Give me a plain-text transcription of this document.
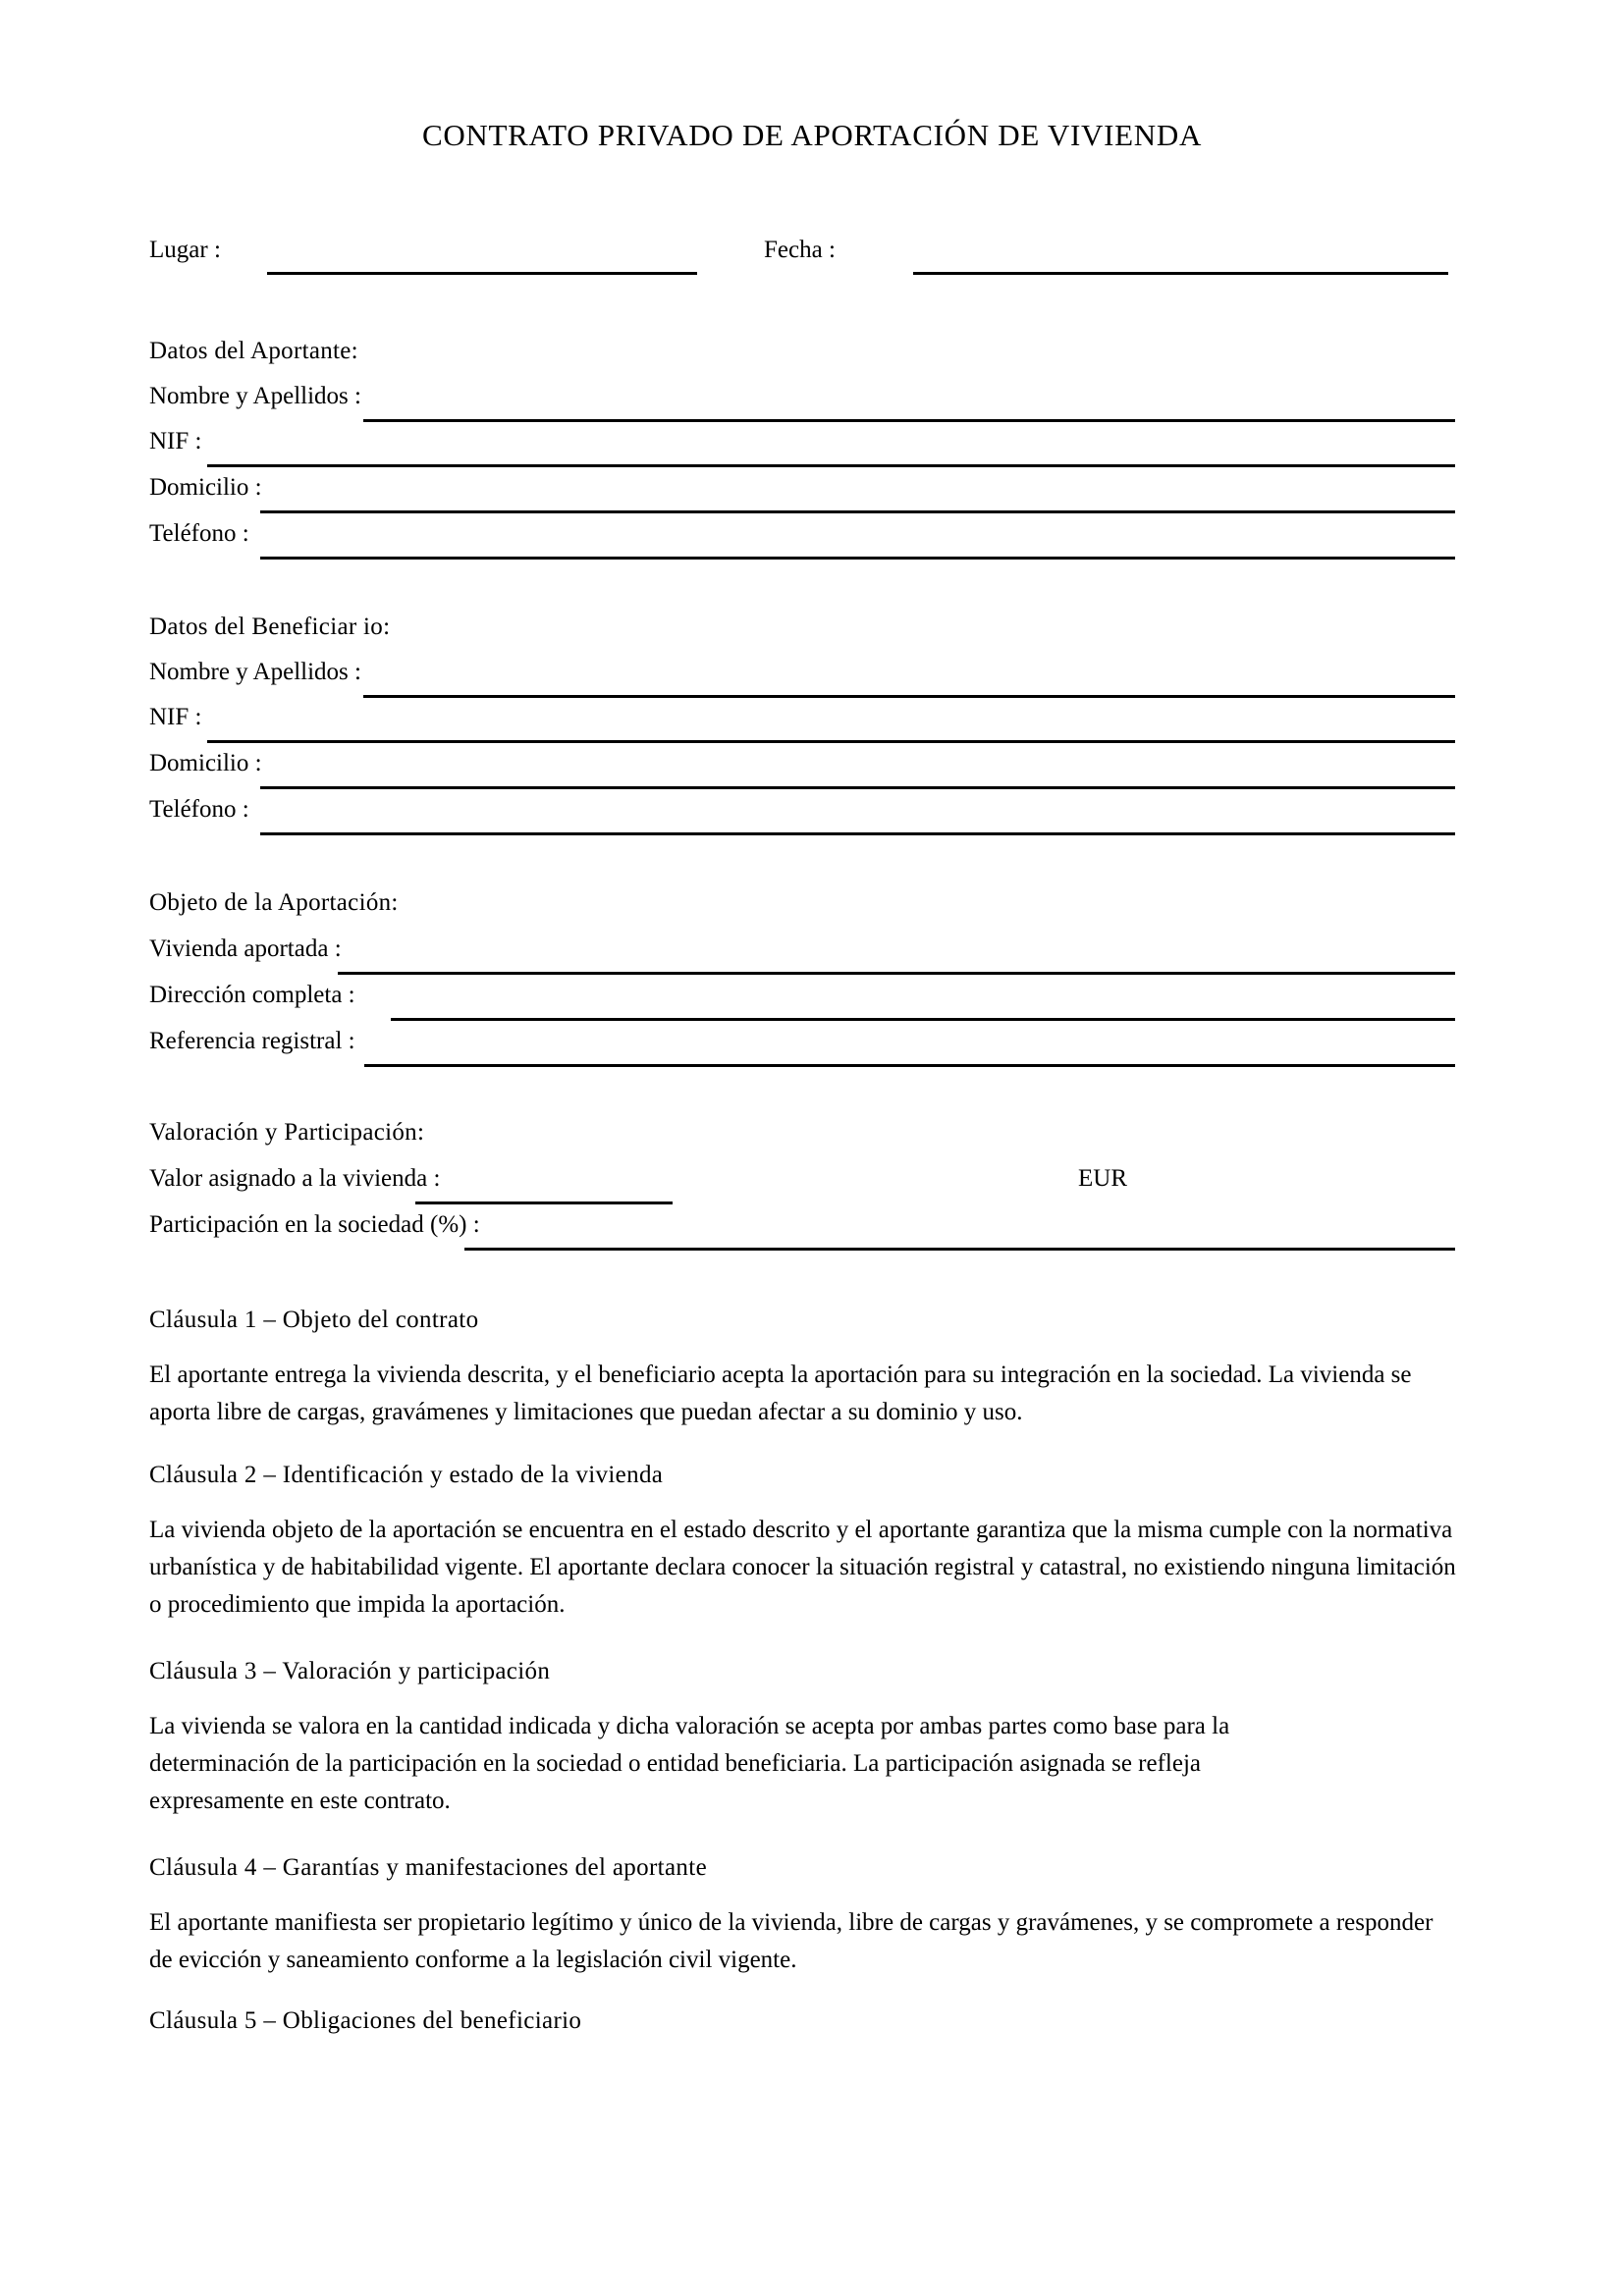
CONTRATO PRIVADO DE APORTACIÓN DE VIVIENDA
Lugar :	Fecha :
Datos del Aportante:
Nombre y Apellidos :
NIF :
Domicilio :
Teléfono :
Datos del Beneficiar io:
Nombre y Apellidos :
NIF :
Domicilio :
Teléfono :
Objeto de la Aportación:
Vivienda aportada :
Dirección completa :
Referencia registral :
Valoración y Participación:
Valor asignado a la vivienda :	EUR
Participación en la sociedad (%) :
Cláusula 1 – Objeto del contrato
El aportante entrega la vivienda descrita, y el beneficiario acepta la aportación para su integración en la sociedad. La vivienda se aporta libre de cargas, gravámenes y limitaciones que puedan afectar a su dominio y uso.
Cláusula 2 – Identificación y estado de la vivienda
La vivienda objeto de la aportación se encuentra en el estado descrito y el aportante garantiza que la misma cumple con la normativa urbanística y de habitabilidad vigente. El aportante declara conocer la situación registral y catastral, no existiendo ninguna limitación o procedimiento que impida la aportación.
Cláusula 3 – Valoración y participación
La vivienda se valora en la cantidad indicada y dicha valoración se acepta por ambas partes como base para la determinación de la participación en la sociedad o entidad beneficiaria. La participación asignada se refleja expresamente en este contrato.
Cláusula 4 – Garantías y manifestaciones del aportante
El aportante manifiesta ser propietario legítimo y único de la vivienda, libre de cargas y gravámenes, y se compromete a responder de evicción y saneamiento conforme a la legislación civil vigente.
Cláusula 5 – Obligaciones del beneficiario
